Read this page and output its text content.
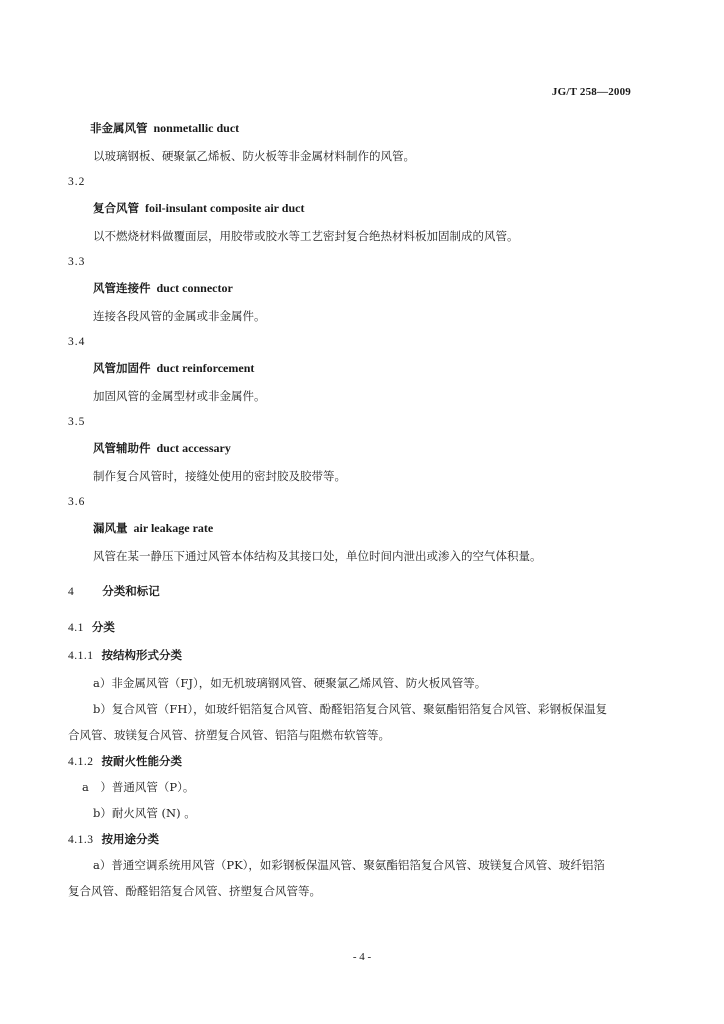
JG/T 258—2009
非金属风管 nonmetallic duct
以玻璃钢板、硬聚氯乙烯板、防火板等非金属材料制作的风管。
3.2
复合风管 foil-insulant composite air duct
以不燃烧材料做覆面层，用胶带或胶水等工艺密封复合绝热材料板加固制成的风管。
3.3
风管连接件 duct connector
连接各段风管的金属或非金属件。
3.4
风管加固件 duct reinforcement
加固风管的金属型材或非金属件。
3.5
风管辅助件 duct accessary
制作复合风管时，接缝处使用的密封胶及胶带等。
3.6
漏风量 air leakage rate
风管在某一静压下通过风管本体结构及其接口处，单位时间内泄出或渗入的空气体积量。
4 分类和标记
4.1 分类
4.1.1 按结构形式分类
a）非金属风管（FJ），如无机玻璃钢风管、硬聚氯乙烯风管、防火板风管等。
b）复合风管（FH），如玻纤铝箔复合风管、酚醛铝箔复合风管、聚氨酯铝箔复合风管、彩钢板保温复
合风管、玻镁复合风管、挤塑复合风管、铝箔与阻燃布软管等。
4.1.2 按耐火性能分类
a　）普通风管（P）。
b）耐火风管 (N) 。
4.1.3 按用途分类
a）普通空调系统用风管（PK），如彩钢板保温风管、聚氨酯铝箔复合风管、玻镁复合风管、玻纤铝箔
复合风管、酚醛铝箔复合风管、挤塑复合风管等。
- 4 -
